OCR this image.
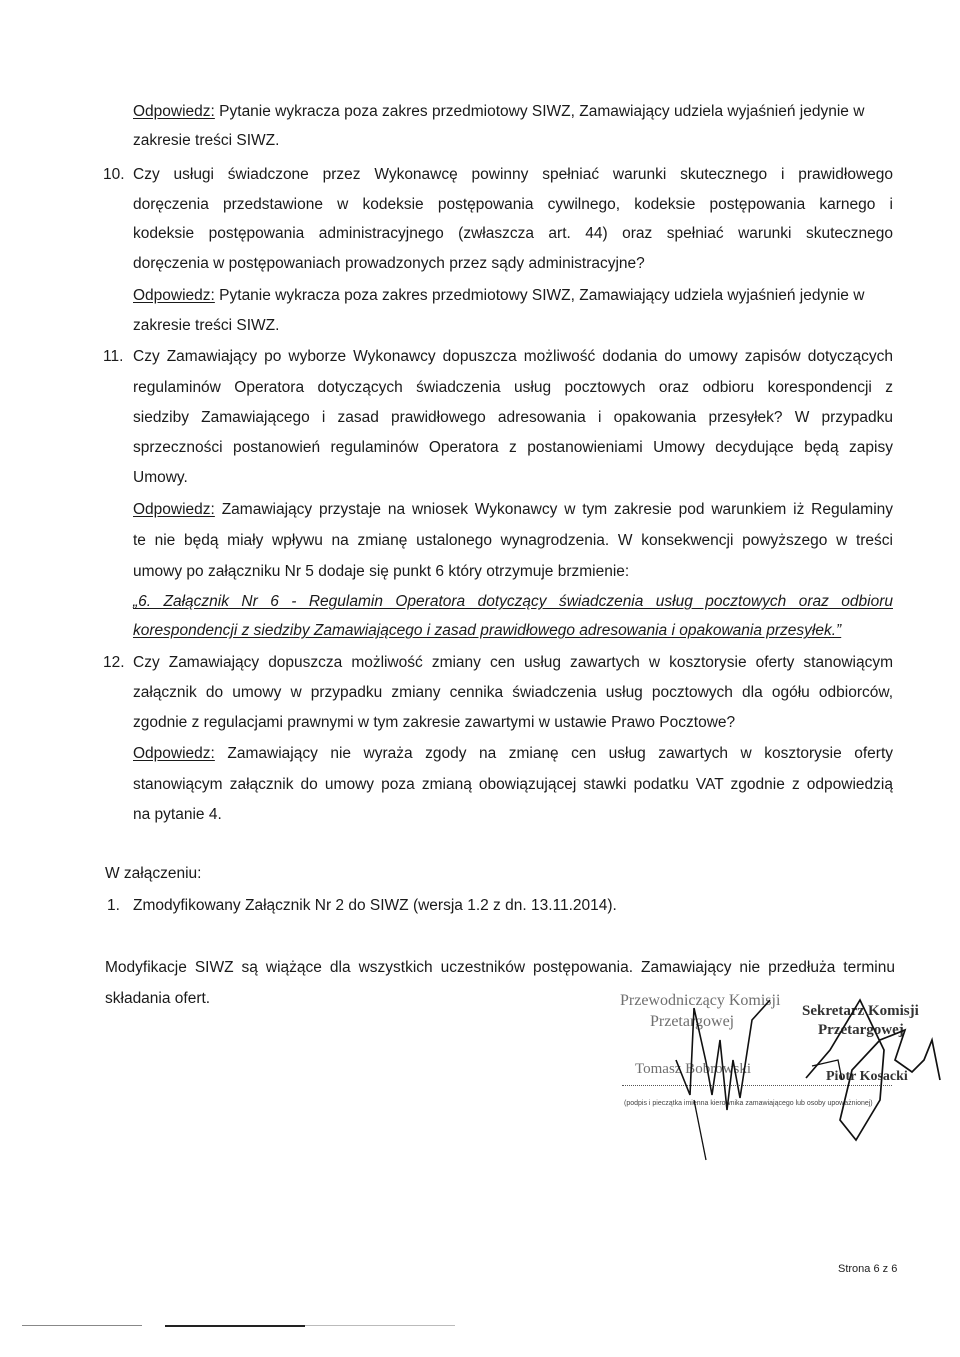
Odpowiedz: Pytanie wykracza poza zakres przedmiotowy SIWZ, Zamawiający udziela wyjaśnień jedynie w
zakresie treści SIWZ.
10. Czy usługi świadczone przez Wykonawcę powinny spełniać warunki skutecznego i prawidłowego
doręczenia przedstawione w kodeksie postępowania cywilnego, kodeksie postępowania karnego i
kodeksie postępowania administracyjnego (zwłaszcza art. 44) oraz spełniać warunki skutecznego
doręczenia w postępowaniach prowadzonych przez sądy administracyjne?
Odpowiedz: Pytanie wykracza poza zakres przedmiotowy SIWZ, Zamawiający udziela wyjaśnień jedynie w
zakresie treści SIWZ.
11. Czy Zamawiający po wyborze Wykonawcy dopuszcza możliwość dodania do umowy zapisów dotyczących
regulaminów Operatora dotyczących świadczenia usług pocztowych oraz odbioru korespondencji z
siedziby Zamawiającego i zasad prawidłowego adresowania i opakowania przesyłek? W przypadku
sprzeczności postanowień regulaminów Operatora z postanowieniami Umowy decydujące będą zapisy
Umowy.
Odpowiedz: Zamawiający przystaje na wniosek Wykonawcy w tym zakresie pod warunkiem iż Regulaminy
te nie będą miały wpływu na zmianę ustalonego wynagrodzenia. W konsekwencji powyższego w treści
umowy po załączniku Nr 5 dodaje się punkt 6 który otrzymuje brzmienie:
„6. Załącznik Nr 6 - Regulamin Operatora dotyczący świadczenia usług pocztowych oraz odbioru
korespondencji z siedziby Zamawiającego i zasad prawidłowego adresowania i opakowania przesyłek.”
12. Czy Zamawiający dopuszcza możliwość zmiany cen usług zawartych w kosztorysie oferty stanowiącym
załącznik do umowy w przypadku zmiany cennika świadczenia usług pocztowych dla ogółu odbiorców,
zgodnie z regulacjami prawnymi w tym zakresie zawartymi w ustawie Prawo Pocztowe?
Odpowiedz: Zamawiający nie wyraża zgody na zmianę cen usług zawartych w kosztorysie oferty
stanowiącym załącznik do umowy poza zmianą obowiązującej stawki podatku VAT zgodnie z odpowiedzią
na pytanie 4.
W załączeniu:
1. Zmodyfikowany Załącznik Nr 2 do SIWZ (wersja 1.2 z dn. 13.11.2014).
Modyfikacje SIWZ są wiążące dla wszystkich uczestników postępowania. Zamawiający nie przedłuża terminu
składania ofert.	Przewodniczący Komisji
Przetargowej
Tomasz Bobrowski
Sekretarz Komisji
Przetargowej
Piotr Kosacki
(podpis i pieczątka imienna kierownika zamawiającego lub osoby upoważnionej)
Strona 6 z 6
